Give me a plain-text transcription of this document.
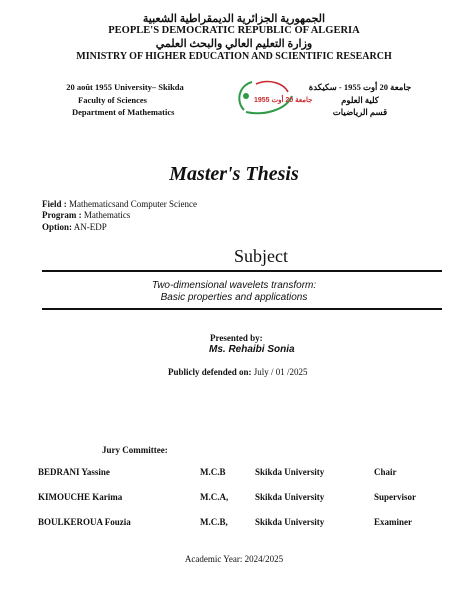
الجمهورية الجزائرية الديمقراطية الشعبية
PEOPLE'S DEMOCRATIC REPUBLIC OF ALGERIA
وزارة التعليم العالي والبحث العلمي
MINISTRY OF HIGHER EDUCATION AND SCIENTIFIC RESEARCH
20 août 1955 University– Skikda
Faculty of Sciences
Department of Mathematics
جامعة 20 أوت 1955
جامعة 20 أوت 1955 - سكيكدة
كلية العلوم
قسم الرياضيات
Master's Thesis
Field : Mathematicsand Computer Science
Program : Mathematics
Option: AN-EDP
Subject
Two-dimensional wavelets transform:
Basic properties and applications
Presented by:
Ms. Rehaibi Sonia
Publicly defended on: July / 01 /2025
Jury Committee:
BEDRANI Yassine	M.C.B	Skikda University	Chair
KIMOUCHE Karima	M.C.A,	Skikda University	Supervisor
BOULKEROUA Fouzia	M.C.B,	Skikda University	Examiner
Academic Year: 2024/2025
